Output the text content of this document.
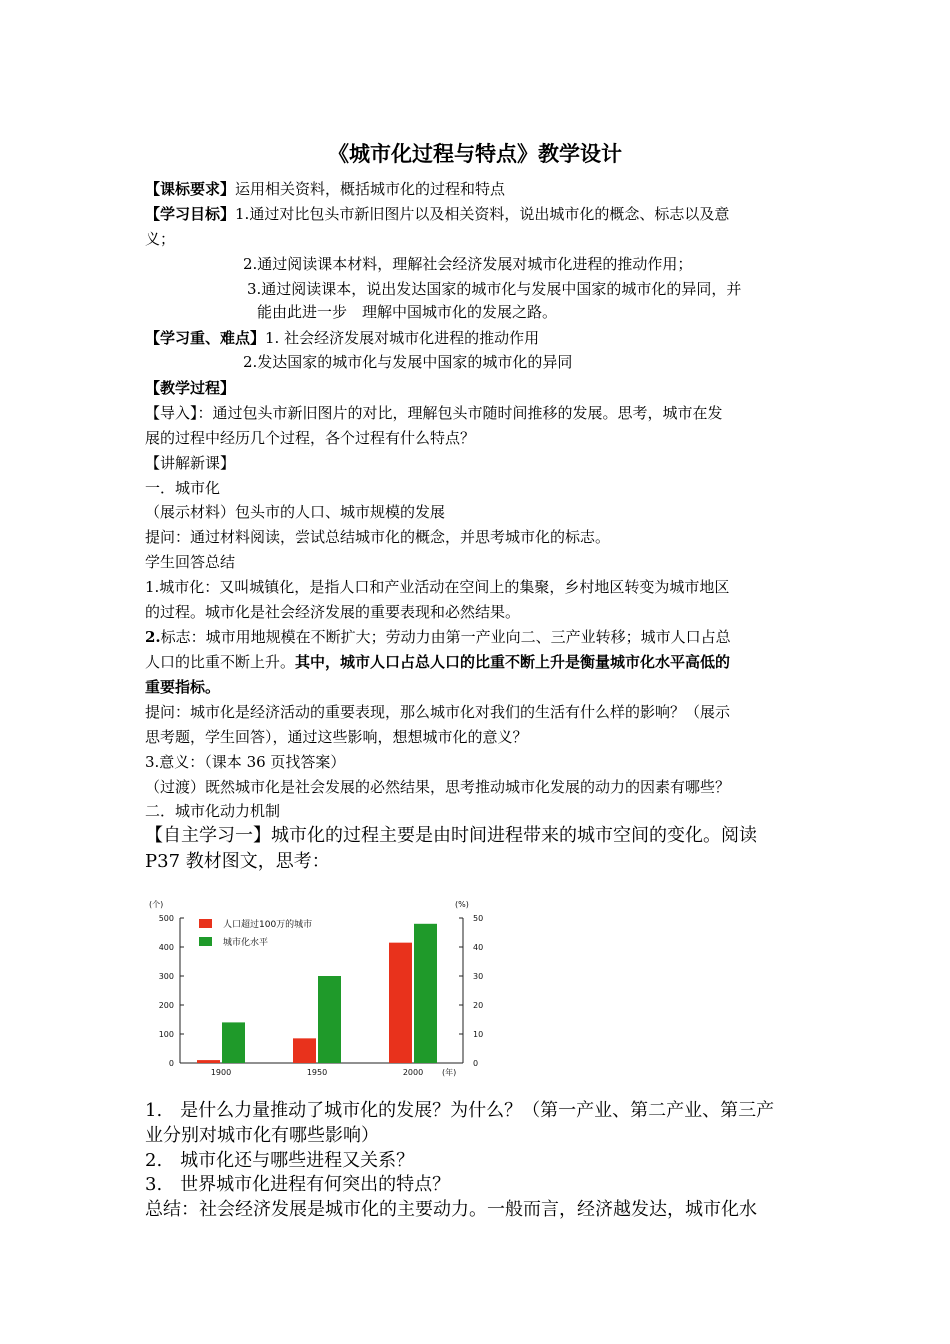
《城市化过程与特点》教学设计
【课标要求】运用相关资料，概括城市化的过程和特点
【学习目标】1.通过对比包头市新旧图片以及相关资料，说出城市化的概念、标志以及意
义；
2.通过阅读课本材料，理解社会经济发展对城市化进程的推动作用；
3.通过阅读课本，说出发达国家的城市化与发展中国家的城市化的异同，并
能由此进一步　理解中国城市化的发展之路。
【学习重、难点】1. 社会经济发展对城市化进程的推动作用
2.发达国家的城市化与发展中国家的城市化的异同
【教学过程】
【导入】：通过包头市新旧图片的对比，理解包头市随时间推移的发展。思考，城市在发
展的过程中经历几个过程，各个过程有什么特点？
【讲解新课】
一．城市化
（展示材料）包头市的人口、城市规模的发展
提问：通过材料阅读，尝试总结城市化的概念，并思考城市化的标志。
学生回答总结
1.城市化：又叫城镇化，是指人口和产业活动在空间上的集聚，乡村地区转变为城市地区
的过程。城市化是社会经济发展的重要表现和必然结果。
2.标志：城市用地规模在不断扩大；劳动力由第一产业向二、三产业转移；城市人口占总
人口的比重不断上升。其中，城市人口占总人口的比重不断上升是衡量城市化水平高低的
重要指标。
提问：城市化是经济活动的重要表现，那么城市化对我们的生活有什么样的影响？（展示
思考题，学生回答），通过这些影响，想想城市化的意义？
3.意义：（课本 36 页找答案）
（过渡）既然城市化是社会发展的必然结果，思考推动城市化发展的动力的因素有哪些？
二．城市化动力机制
【自主学习一】城市化的过程主要是由时间进程带来的城市空间的变化。阅读
P37 教材图文，思考：
0
100
200
300
400
500
0
10
20
30
40
50
(个)	(%)
1900	1950	2000 (年)
人口超过100万的城市
城市化水平
1.　是什么力量推动了城市化的发展？为什么？（第一产业、第二产业、第三产
业分别对城市化有哪些影响）
2.　城市化还与哪些进程又关系？
3.　世界城市化进程有何突出的特点？
总结：社会经济发展是城市化的主要动力。一般而言，经济越发达，城市化水
